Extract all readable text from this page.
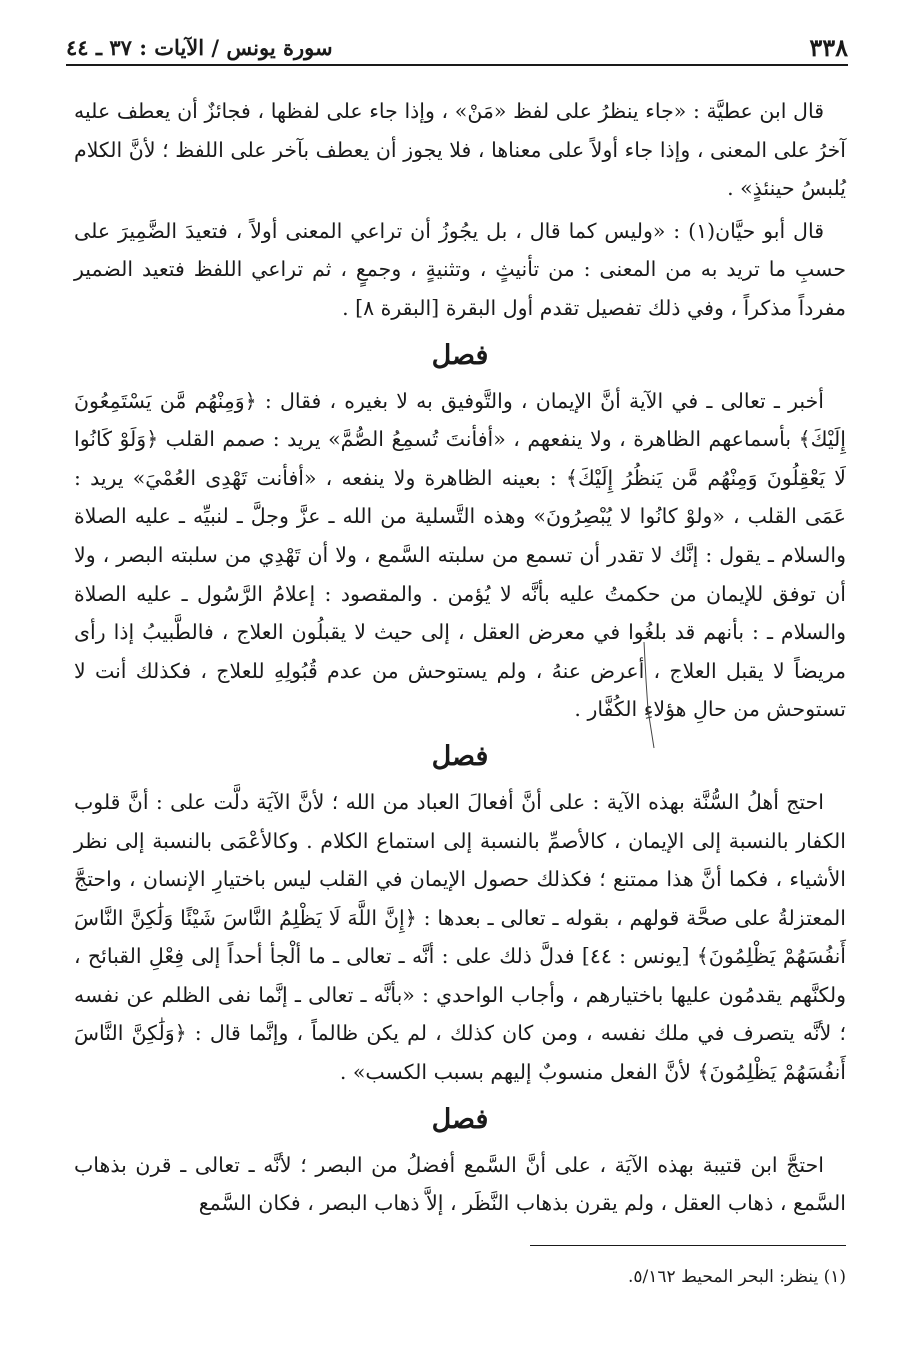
٣٣٨
سورة يونس / الآيات : ٣٧ ـ ٤٤

قال ابن عطيَّة : «جاء ينظرُ على لفظ «مَنْ» ، وإذا جاء على لفظها ، فجائزٌ أن يعطف عليه آخرُ على المعنى ، وإذا جاء أولاً على معناها ، فلا يجوز أن يعطف بآخر على اللفظ ؛ لأنَّ الكلام يُلبسُ حينئذٍ» .

قال أبو حيَّان(١) : «وليس كما قال ، بل يجُوزُ أن تراعي المعنى أولاً ، فتعيدَ الضَّمِيرَ على حسبِ ما تريد به من المعنى : من تأنيثٍ ، وتثنيةٍ ، وجمعٍ ، ثم تراعي اللفظ فتعيد الضمير مفرداً مذكراً ، وفي ذلك تفصيل تقدم أول البقرة [البقرة ٨] .

فصل

أخبر ـ تعالى ـ في الآية أنَّ الإيمان ، والتَّوفيق به لا بغيره ، فقال : ﴿وَمِنْهُم مَّن يَسْتَمِعُونَ إِلَيْكَ﴾ بأسماعهم الظاهرة ، ولا ينفعهم ، «أفأنتَ تُسمِعُ الصُّمَّ» يريد : صمم القلب ﴿وَلَوْ كَانُوا لَا يَعْقِلُونَ وَمِنْهُم مَّن يَنظُرُ إِلَيْكَ﴾ : بعينه الظاهرة ولا ينفعه ، «أفأنت تَهْدِى العُمْيَ» يريد : عَمَى القلب ، «ولوْ كانُوا لا يُبْصِرُونَ» وهذه التَّسلية من الله ـ عزَّ وجلَّ ـ لنبيِّه ـ عليه الصلاة والسلام ـ يقول : إنَّك لا تقدر أن تسمع من سلبته السَّمع ، ولا أن تَهْدِي من سلبته البصر ، ولا أن توفق للإيمان من حكمتُ عليه بأنَّه لا يُؤمن . والمقصود : إعلامُ الرَّسُول ـ عليه الصلاة والسلام ـ : بأنهم قد بلغُوا في معرض العقل ، إلى حيث لا يقبلُون العلاج ، فالطَّبيبُ إذا رأى مريضاً لا يقبل العلاج ، أعرض عنهُ ، ولم يستوحش من عدم قُبُولِهِ للعلاج ، فكذلك أنت لا تستوحش من حالِ هؤلاءِ الكُفَّار .

فصل

احتج أهلُ السُّنَّة بهذه الآية : على أنَّ أفعالَ العباد من الله ؛ لأنَّ الآيَة دلَّت على : أنَّ قلوب الكفار بالنسبة إلى الإيمان ، كالأصمِّ بالنسبة إلى استماع الكلام . وكالأعْمَى بالنسبة إلى نظر الأشياء ، فكما أنَّ هذا ممتنع ؛ فكذلك حصول الإيمان في القلب ليس باختيارِ الإنسان ، واحتجَّ المعتزلةُ على صحَّة قولهم ، بقوله ـ تعالى ـ بعدها : ﴿إِنَّ اللَّهَ لَا يَظْلِمُ النَّاسَ شَيْئًا وَلَٰكِنَّ النَّاسَ أَنفُسَهُمْ يَظْلِمُونَ﴾ [يونس : ٤٤] فدلَّ ذلك على : أنَّه ـ تعالى ـ ما ألْجأ أحداً إلى فِعْلِ القبائح ، ولكنَّهم يقدمُون عليها باختيارهم ، وأجاب الواحدي : «بأنَّه ـ تعالى ـ إنَّما نفى الظلم عن نفسه ؛ لأنَّه يتصرف في ملك نفسه ، ومن كان كذلك ، لم يكن ظالماً ، وإنَّما قال : ﴿وَلَٰكِنَّ النَّاسَ أَنفُسَهُمْ يَظْلِمُونَ﴾ لأنَّ الفعل منسوبٌ إليهم بسبب الكسب» .

فصل

احتجَّ ابن قتيبة بهذه الآيَة ، على أنَّ السَّمع أفضلُ من البصر ؛ لأنَّه ـ تعالى ـ قرن بذهاب السَّمع ، ذهاب العقل ، ولم يقرن بذهاب النَّظَر ، إلاَّ ذهاب البصر ، فكان السَّمع

(١) ينظر: البحر المحيط ٥/١٦٢.
